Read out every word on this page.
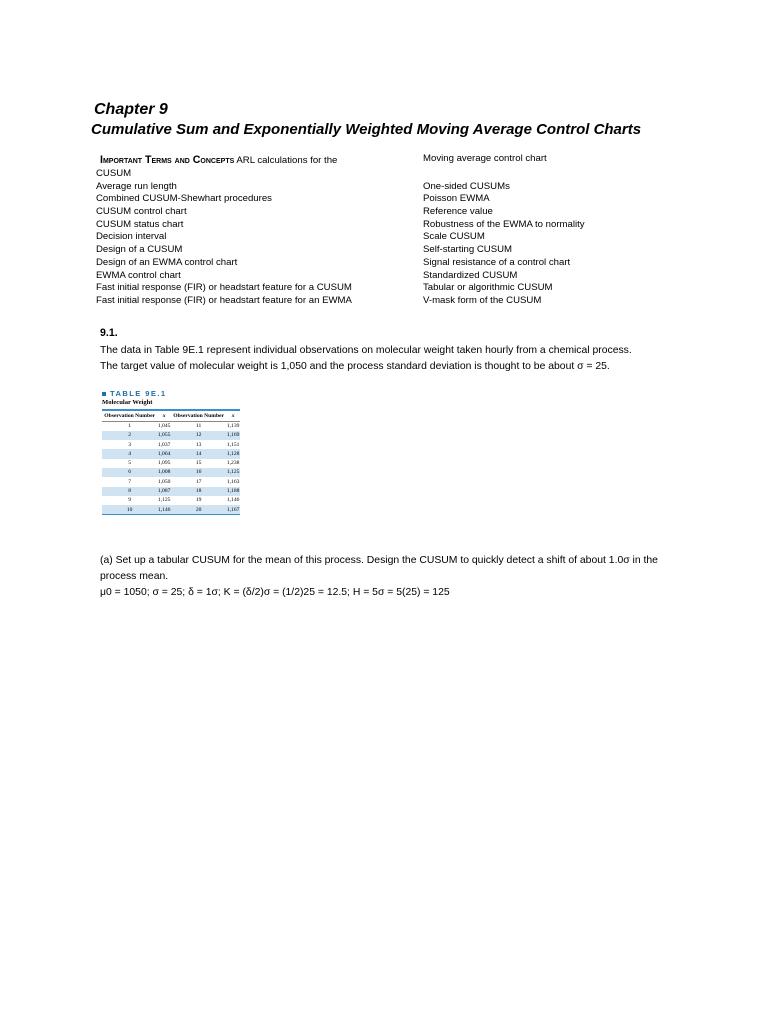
Chapter 9
Cumulative Sum and Exponentially Weighted Moving Average Control Charts
Important Terms and Concepts ARL calculations for the
CUSUM
Average run length
Combined CUSUM-Shewhart procedures
CUSUM control chart
CUSUM status chart
Decision interval
Design of a CUSUM
Design of an EWMA control chart
EWMA control chart
Fast initial response (FIR) or headstart feature for a CUSUM
Fast initial response (FIR) or headstart feature for an EWMA
Moving average control chart
One-sided CUSUMs
Poisson EWMA
Reference value
Robustness of the EWMA to normality
Scale CUSUM
Self-starting CUSUM
Signal resistance of a control chart
Standardized CUSUM
Tabular or algorithmic CUSUM
V-mask form of the CUSUM
9.1.
The data in Table 9E.1 represent individual observations on molecular weight taken hourly from a chemical process. The target value of molecular weight is 1,050 and the process standard deviation is thought to be about σ = 25.
TABLE 9E.1
Molecular Weight
Observation Number	x	Observation Number	x
1	1,045	11	1,139
2	1,055	12	1,169
3	1,037	13	1,151
4	1,064	14	1,128
5	1,095	15	1,238
6	1,008	16	1,125
7	1,050	17	1,163
8	1,087	18	1,188
9	1,125	19	1,146
10	1,146	20	1,167
(a) Set up a tabular CUSUM for the mean of this process. Design the CUSUM to quickly detect a shift of about 1.0σ in the process mean.
μ0 = 1050; σ = 25; δ = 1σ; K = (δ/2)σ = (1/2)25 = 12.5; H = 5σ = 5(25) = 125
